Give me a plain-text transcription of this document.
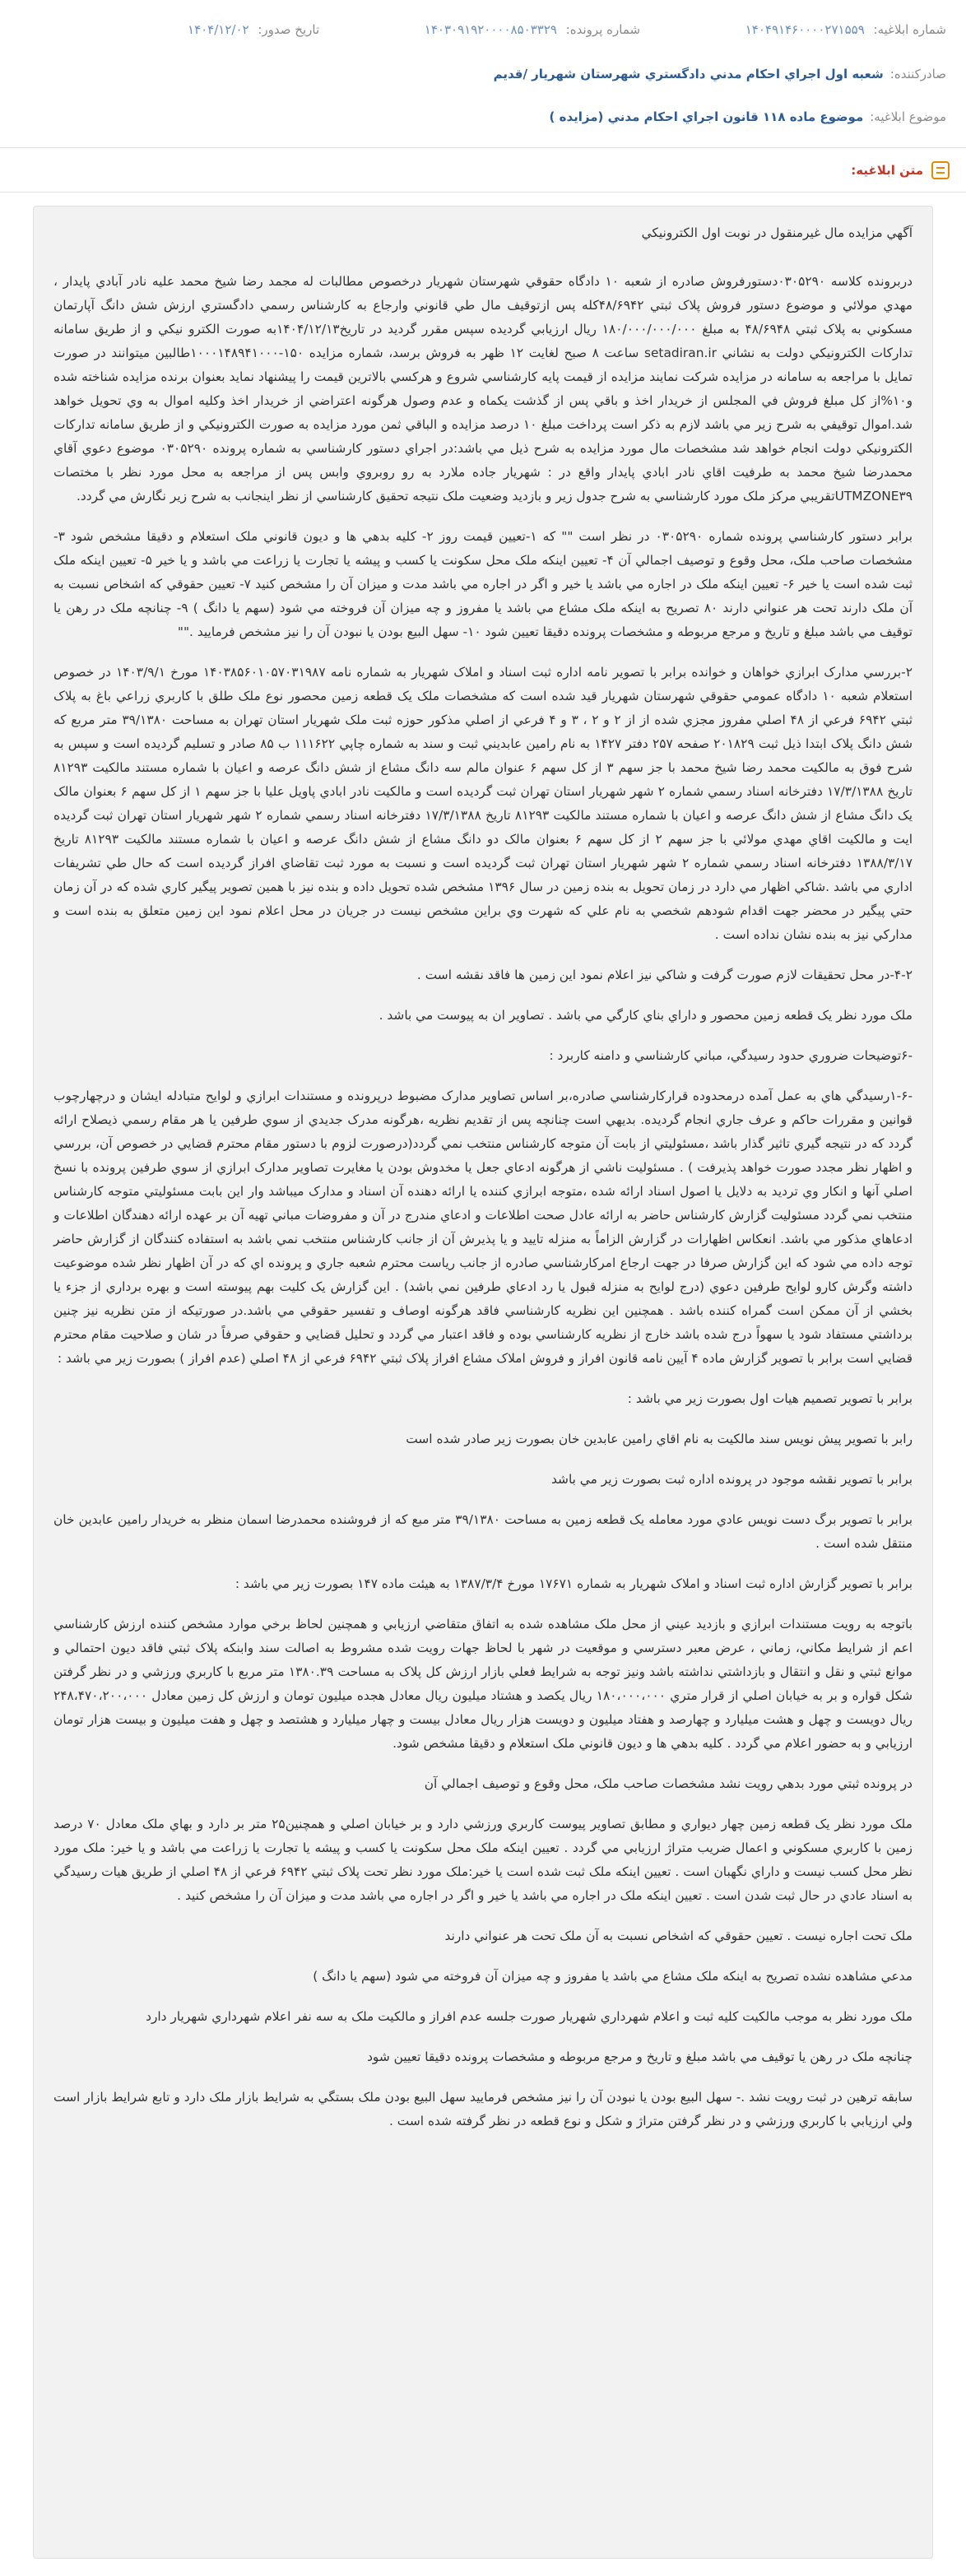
شماره ابلاغیه: ۱۴۰۴۹۱۴۶۰۰۰۰۲۷۱۵۵۹
شماره پرونده: ۱۴۰۳۰۹۱۹۲۰۰۰۰۸۵۰۳۳۲۹
تاریخ صدور: ۱۴۰۴/۱۲/۰۲
صادرکننده:
شعبه اول اجراي احکام مدني دادگستري شهرستان شهريار /قديم
موضوع ابلاغیه:
موضوع ماده ۱۱۸ قانون اجراي احکام مدني (مزايده )
متن ابلاغیه:

آگهي مزايده مال غيرمنقول در نوبت اول الکترونيکي

دربرونده کلاسه ۰۳۰۵۲۹۰دستورفروش صادره از شعبه ۱۰ دادگاه حقوقي شهرستان شهريار درخصوص مطالبات له مجمد رضا شيخ محمد عليه نادر آبادي پايدار ، مهدي مولائي و موضوع دستور فروش پلاک ثبتي ۴۸/۶۹۴۲کله پس ازتوقيف مال طي قانوني وارجاع به کارشناس رسمي دادگستري ارزش شش دانگ آپارتمان مسکوني به پلاک ثبتي ۴۸/۶۹۴۸ به مبلغ ۱۸۰/۰۰۰/۰۰۰/۰۰۰ ريال ارزيابي گرديده سپس مقرر گرديد در تاريخ۱۴۰۴/۱۲/۱۳به صورت الکترو نيکي و از طريق سامانه تدارکات الکترونيکي دولت به نشاني setadiran.ir ساعت ۸ صبح لغايت ۱۲ ظهر به فروش برسد، شماره مزايده ۱۵۰-۱۰۰۰۱۴۸۹۴۱۰۰۰طالبين ميتوانند در صورت تمايل با مراجعه به سامانه در مزايده شرکت نمايند مزايده از قيمت پايه کارشناسي شروع و هرکسي بالاترين قيمت را پيشنهاد نمايد بعنوان برنده مزايده شناخته شده و۱۰%از کل مبلغ فروش في المجلس از خريدار اخذ و باقي پس از گذشت يکماه و عدم وصول هرگونه اعتراضي از خريدار اخذ وکليه اموال به وي تحويل خواهد شد.اموال توقيفي به شرح زير مي باشد لازم به ذکر است پرداخت مبلغ ۱۰ درصد مزايده و الباقي ثمن مورد مزايده به صورت الکترونيکي و از طريق سامانه تدارکات الکترونيکي دولت انجام خواهد شد مشخصات مال مورد مزايده به شرح ذيل مي باشد:در اجراي دستور کارشناسي به شماره پرونده ۰۳۰۵۲۹۰ موضوع دعوي آقاي محمدرضا شيخ محمد به طرفيت اقاي نادر ابادي پايدار واقع در : شهريار جاده ملارد به رو روبروي وابس پس از مراجعه به محل مورد نظر با مختصات UTMZONE۳۹تقريبي مرکز ملک مورد کارشناسي به شرح جدول زير و بازديد وضعيت ملک نتيجه تحقيق کارشناسي از نظر اينجانب به شرح زير نگارش مي گردد.

برابر دستور کارشناسي پرونده شماره ۰۳۰۵۲۹۰ در نظر است "" که ۱-تعيين قيمت روز ۲- کليه بدهي ها و ديون قانوني ملک استعلام و دقيقا مشخص شود ۳- مشخصات صاحب ملک، محل وقوع و توصيف اجمالي آن ۴- تعيين اينکه ملک محل سکونت يا کسب و پيشه يا تجارت يا زراعت مي باشد و يا خير ۵- تعيين اينکه ملک ثبت شده است يا خير ۶- تعيين اينکه ملک در اجاره مي باشد يا خير و اگر در اجاره مي باشد مدت و ميزان آن را مشخص کنيد ۷- تعيين حقوقي که اشخاص نسبت به آن ملک دارند تحت هر عنواني دارند ۸۰ تصريح به اينکه ملک مشاع مي باشد يا مفروز و چه ميزان آن فروخته مي شود (سهم يا دانگ ) ۹- چنانچه ملک در رهن يا توقيف مي باشد مبلغ و تاريخ و مرجع مربوطه و مشخصات پرونده دقيقا تعيين شود ۱۰- سهل البيع بودن يا نبودن آن را نيز مشخص فرماييد .""

۲-بررسي مدارک ابرازي خواهان و خوانده برابر با تصوير نامه اداره ثبت اسناد و املاک شهريار به شماره نامه ۱۴۰۳۸۵۶۰۱۰۵۷۰۳۱۹۸۷ مورخ ۱۴۰۳/۹/۱ در خصوص استعلام شعبه ۱۰ دادگاه عمومي حقوقي شهرستان شهريار قيد شده است که مشخصات ملک يک قطعه زمين محصور نوع ملک طلق با کاربري زراعي باغ به پلاک ثبتي ۶۹۴۲ فرعي از ۴۸ اصلي مفروز مجزي شده از از ۲ و ۲ ، ۳ و ۴ فرعي از اصلي مذکور حوزه ثبت ملک شهريار استان تهران به مساحت ۳۹/۱۳۸۰ متر مربع که شش دانگ پلاک ابتدا ذيل ثبت ۲۰۱۸۲۹ صفحه ۲۵۷ دفتر ۱۴۲۷ به نام رامين عابديني ثبت و سند به شماره چاپي ۱۱۱۶۲۲ ب ۸۵ صادر و تسليم گرديده است و سپس به شرح فوق به مالکيت محمد رضا شيخ محمد با جز سهم ۳ از کل سهم ۶ عنوان مالم سه دانگ مشاع از شش دانگ عرصه و اعيان با شماره مستند مالکيت ۸۱۲۹۳ تاريخ ۱۷/۳/۱۳۸۸ دفترخانه اسناد رسمي شماره ۲ شهر شهريار استان تهران ثبت گرديده است و مالکيت نادر ابادي پاويل عليا با جز سهم ۱ از کل سهم ۶ بعنوان مالک يک دانگ مشاع از شش دانگ عرصه و اعيان با شماره مستند مالکيت ۸۱۲۹۳ تاريخ ۱۷/۳/۱۳۸۸ دفترخانه اسناد رسمي شماره ۲ شهر شهريار استان تهران ثبت گرديده ايت و مالکيت اقاي مهدي مولائي با جز سهم ۲ از کل سهم ۶ بعنوان مالک دو دانگ مشاع از شش دانگ عرصه و اعيان با شماره مستند مالکيت ۸۱۲۹۳ تاريخ ۱۳۸۸/۳/۱۷ دفترخانه اسناد رسمي شماره ۲ شهر شهريار استان تهران ثبت گرديده است و نسبت به مورد ثبت تقاضاي افراز گرديده است که حال طي تشريفات اداري مي باشد .شاکي اظهار مي دارد در زمان تحويل به بنده زمين در سال ۱۳۹۶ مشخص شده تحويل داده و بنده نيز با همين تصوير پيگير کاري شده که در آن زمان حتي پيگير در محضر جهت اقدام شودهم شخصي به نام علي که شهرت وي براين مشخص نيست در جريان در محل اعلام نمود اين زمين متعلق به بنده است و مدارکي نيز به بنده نشان نداده است .

۴-۲-در محل تحقيقات لازم صورت گرفت و شاکي نيز اعلام نمود اين زمين ها فاقد نقشه است .

ملک مورد نظر يک قطعه زمين محصور و داراي بناي کارگي مي باشد . تصاوير ان به پيوست مي باشد .

-۶توضيحات ضروري حدود رسيدگي، مباني کارشناسي و دامنه کاربرد :

-۱-۶رسيدگي هاي به عمل آمده درمحدوده قرارکارشناسي صادره،بر اساس تصاوير مدارک مضبوط درپرونده و مستندات ابرازي و لوايح متبادله ايشان و درچهارچوب قوانين و مقررات حاکم و عرف جاري انجام گرديده. بديهي است چنانچه پس از تقديم نظريه ،هرگونه مدرک جديدي از سوي طرفين يا هر مقام رسمي ذيصلاح ارائه گردد که در نتيجه گيري تاثير گذار باشد ،مسئوليتي از بابت آن متوجه کارشناس منتخب نمي گردد(درصورت لزوم با دستور مقام محترم قضايي در خصوص آن، بررسي و اظهار نظر مجدد صورت خواهد پذيرفت ) . مسئوليت ناشي از هرگونه ادعاي جعل يا مخدوش بودن يا مغايرت تصاوير مدارک ابرازي از سوي طرفين پرونده با نسخ اصلي آنها و انکار وي ترديد به دلايل يا اصول اسناد ارائه شده ،متوجه ابرازي کننده يا ارائه دهنده آن اسناد و مدارک ميباشد وار اين بابت مسئوليتي متوجه کارشناس منتخب نمي گردد مسئوليت گزارش کارشناس حاضر به ارائه عادل صحت اطلاعات و ادعاي مندرج در آن و مفروضات مباني تهيه آن بر عهده ارائه دهندگان اطلاعات و ادعاهاي مذکور مي باشد. انعکاس اظهارات در گزارش الزاماً به منزله تاييد و يا پذيرش آن از جانب کارشناس منتخب نمي باشد به استفاده کنندگان از گزارش حاضر توجه داده مي شود که اين گزارش صرفا در جهت ارجاع امرکارشناسي صادره از جانب رياست محترم شعبه جاري و پرونده اي که در آن اظهار نظر شده موضوعيت داشته وگرش کارو لوايح طرفين دعوي (درج لوايح به منزله قبول يا رد ادعاي طرفين نمي باشد) . اين گزارش يک کليت بهم پيوسته است و بهره برداري از جزء يا بخشي از آن ممکن است گمراه کننده باشد . همچنين اين نظريه کارشناسي فاقد هرگونه اوصاف و تفسير حقوقي مي باشد.در صورتيکه از متن نظريه نيز چنين برداشتي مستفاد شود يا سهواً درج شده باشد خارج از نظريه کارشناسي بوده و فاقد اعتبار مي گردد و تحليل قضايي و حقوقي صرفاً در شان و صلاحيت مقام محترم قضايي است برابر با تصوير گزارش ماده ۴ آيين نامه قانون افراز و فروش املاک مشاع افراز پلاک ثبتي ۶۹۴۲ فرعي از ۴۸ اصلي (عدم افراز ) بصورت زير مي باشد :

برابر با تصوير تصميم هيات اول بصورت زير مي باشد :

رابر با تصوير پيش نويس سند مالکيت به نام اقاي رامين عابدين خان بصورت زير صادر شده است

برابر با تصوير نقشه موجود در پرونده اداره ثبت بصورت زير مي باشد

برابر با تصوير برگ دست نويس عادي مورد معامله يک قطعه زمين به مساحت ۳۹/۱۳۸۰ متر مبع که از فروشنده محمدرضا اسمان منظر به خريدار رامين عابدين خان منتقل شده است .

برابر با تصوير گزارش اداره ثبت اسناد و املاک شهريار به شماره ۱۷۶۷۱ مورخ ۱۳۸۷/۳/۴ به هيئت ماده ۱۴۷ بصورت زير مي باشد :

باتوجه به رويت مستندات ابرازي و بازديد عيني از محل ملک مشاهده شده به اتفاق متقاضي ارزيابي و همچنين لحاظ برخي موارد مشخص کننده ارزش کارشناسي اعم از شرايط مکاني، زماني ، عرض معبر دسترسي و موقعيت در شهر با لحاظ جهات رويت شده مشروط به اصالت سند وابنکه پلاک ثبتي فاقد ديون احتمالي و موانع ثبتي و نقل و انتقال و بازداشتي نداشته باشد ونيز توجه به شرايط فعلي بازار ارزش کل پلاک به مساحت ۱۳۸۰.۳۹ متر مربع با کاربري ورزشي و در نظر گرفتن شکل قواره و بر به خيابان اصلي از قرار متري ۱۸۰،۰۰۰،۰۰۰ ريال يکصد و هشتاد ميليون ريال معادل هجده ميليون تومان و ارزش کل زمين معادل ۲۴۸،۴۷۰،۲۰۰،۰۰۰ ريال دويست و چهل و هشت ميليارد و چهارصد و هفتاد ميليون و دويست هزار ريال معادل بيست و چهار ميليارد و هشتصد و چهل و هفت ميليون و بيست هزار تومان ارزيابي و به حضور اعلام مي گردد . کليه بدهي ها و ديون قانوني ملک استعلام و دقيقا مشخص شود.

در پرونده ثبتي مورد بدهي رويت نشد مشخصات صاحب ملک، محل وقوع و توصيف اجمالي آن

ملک مورد نظر يک قطعه زمين چهار ديواري و مطابق تصاوير پيوست کاربري ورزشي دارد و بر خيابان اصلي و همچنين۲۵ متر بر دارد و بهاي ملک معادل ۷۰ درصد زمين با کاربري مسکوني و اعمال ضريب متراژ ارزيابي مي گردد . تعيين اينکه ملک محل سکونت يا کسب و پيشه يا تجارت يا زراعت مي باشد و يا خير: ملک مورد نظر محل کسب نيست و داراي نگهبان است . تعيين اينکه ملک ثبت شده است يا خير:ملک مورد نظر تحت پلاک ثبتي ۶۹۴۲ فرعي از ۴۸ اصلي از طريق هيات رسيدگي به اسناد عادي در حال ثبت شدن است . تعيين اينکه ملک در اجاره مي باشد يا خير و اگر در اجاره مي باشد مدت و ميزان آن را مشخص کنيد .

ملک تحت اجاره نيست . تعيين حقوقي که اشخاص نسبت به آن ملک تحت هر عنواني دارند

مدعي مشاهده نشده تصريح به اينکه ملک مشاع مي باشد يا مفروز و چه ميزان آن فروخته مي شود (سهم يا دانگ )

ملک مورد نظر به موجب مالکيت کليه ثبت و اعلام شهرداري شهريار صورت جلسه عدم افراز و مالکيت ملک به سه نفر اعلام شهرداري شهريار دارد

چنانچه ملک در رهن يا توقيف مي باشد مبلغ و تاريخ و مرجع مربوطه و مشخصات پرونده دقيقا تعيين شود

سابقه ترهين در ثبت رويت نشد .- سهل البيع بودن يا نبودن آن را نيز مشخص فرماييد سهل البيع بودن ملک بستگي به شرايط بازار ملک دارد و تابع شرايط بازار است ولي ارزيابي با کاربري ورزشي و در نظر گرفتن متراژ و شکل و نوع قطعه در نظر گرفته شده است .
